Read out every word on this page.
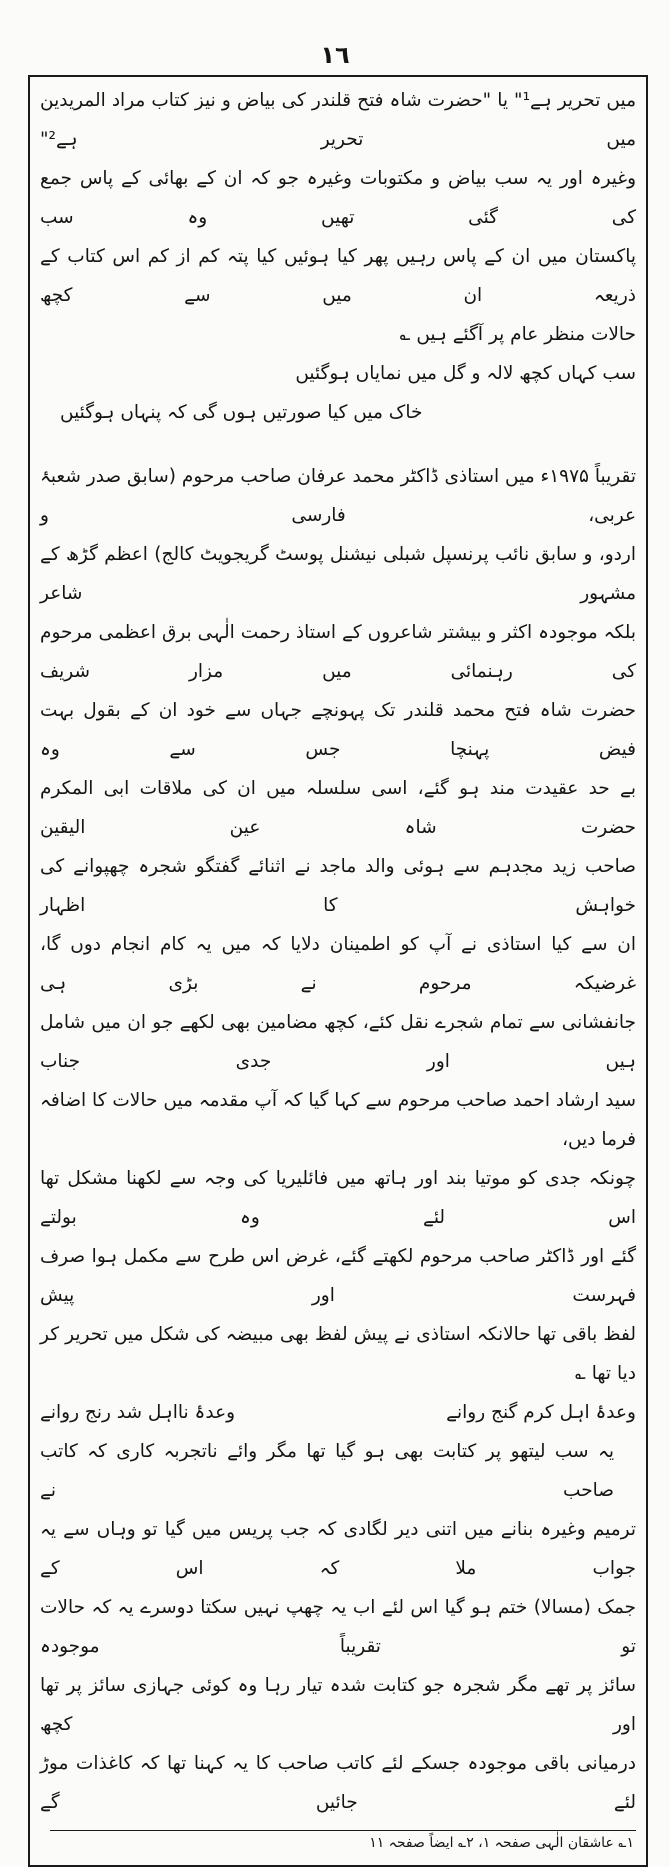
١٦
میں تحریر ہے¹" یا "حضرت شاہ فتح قلندر کی بیاض و نیز کتاب مراد المریدین میں تحریر ہے²"
وغیرہ اور یہ سب بیاض و مکتوبات وغیرہ جو کہ ان کے بھائی کے پاس جمع کی گئی تھیں وہ سب
پاکستان میں ان کے پاس رہیں پھر کیا ہوئیں کیا پتہ کم از کم اس کتاب کے ذریعہ ان میں سے کچھ
حالات منظر عام پر آگئے ہیں ؎
سب کہاں کچھ لالہ و گل میں نمایاں ہوگئیں
خاک میں کیا صورتیں ہوں گی کہ پنہاں ہوگئیں
تقریباً ۱۹۷۵ء میں استاذی ڈاکٹر محمد عرفان صاحب مرحوم (سابق صدر شعبۂ عربی، فارسی و
اردو، و سابق نائب پرنسپل شبلی نیشنل پوسٹ گریجویٹ کالج) اعظم گڑھ کے مشہور شاعر
بلکہ موجودہ اکثر و بیشتر شاعروں کے استاذ رحمت الٰہی برق اعظمی مرحوم کی رہنمائی میں مزار شریف
حضرت شاہ فتح محمد قلندر تک پہونچے جہاں سے خود ان کے بقول بہت فیض پہنچا جس سے وہ
بے حد عقیدت مند ہو گئے، اسی سلسلہ میں ان کی ملاقات ابی المکرم حضرت شاہ عین الیقین
صاحب زید مجدہم سے ہوئی والد ماجد نے اثنائے گفتگو شجرہ چھپوانے کی خواہش کا اظہار
ان سے کیا استاذی نے آپ کو اطمینان دلایا کہ میں یہ کام انجام دوں گا، غرضیکہ مرحوم نے بڑی ہی
جانفشانی سے تمام شجرے نقل کئے، کچھ مضامین بھی لکھے جو ان میں شامل ہیں اور جدی جناب
سید ارشاد احمد صاحب مرحوم سے کہا گیا کہ آپ مقدمہ میں حالات کا اضافہ فرما دیں،
چونکہ جدی کو موتیا بند اور ہاتھ میں فائلیریا کی وجہ سے لکھنا مشکل تھا اس لئے وہ بولتے
گئے اور ڈاکٹر صاحب مرحوم لکھتے گئے، غرض اس طرح سے مکمل ہوا صرف فہرست اور پیش
لفظ باقی تھا حالانکہ استاذی نے پیش لفظ بھی مبیضہ کی شکل میں تحریر کر دیا تھا ؎
وعدۂ اہل کرم گنج روانے
وعدۂ نااہل شد رنج روانے
یہ سب لیتھو پر کتابت بھی ہو گیا تھا مگر وائے ناتجربہ کاری کہ کاتب صاحب نے
ترمیم وغیرہ بنانے میں اتنی دیر لگادی کہ جب پریس میں گیا تو وہاں سے یہ جواب ملا کہ اس کے
جمک (مسالا) ختم ہو گیا اس لئے اب یہ چھپ نہیں سکتا دوسرے یہ کہ حالات تو تقریباً موجودہ
سائز پر تھے مگر شجرہ جو کتابت شدہ تیار رہا وہ کوئی جہازی سائز پر تھا اور کچھ
درمیانی باقی موجودہ جسکے لئے کاتب صاحب کا یہ کہنا تھا کہ کاغذات موڑ لئے جائیں گے
۱؎ عاشقان الٰہی صفحہ ۱، ۲؎ ایضاً صفحہ ۱۱
